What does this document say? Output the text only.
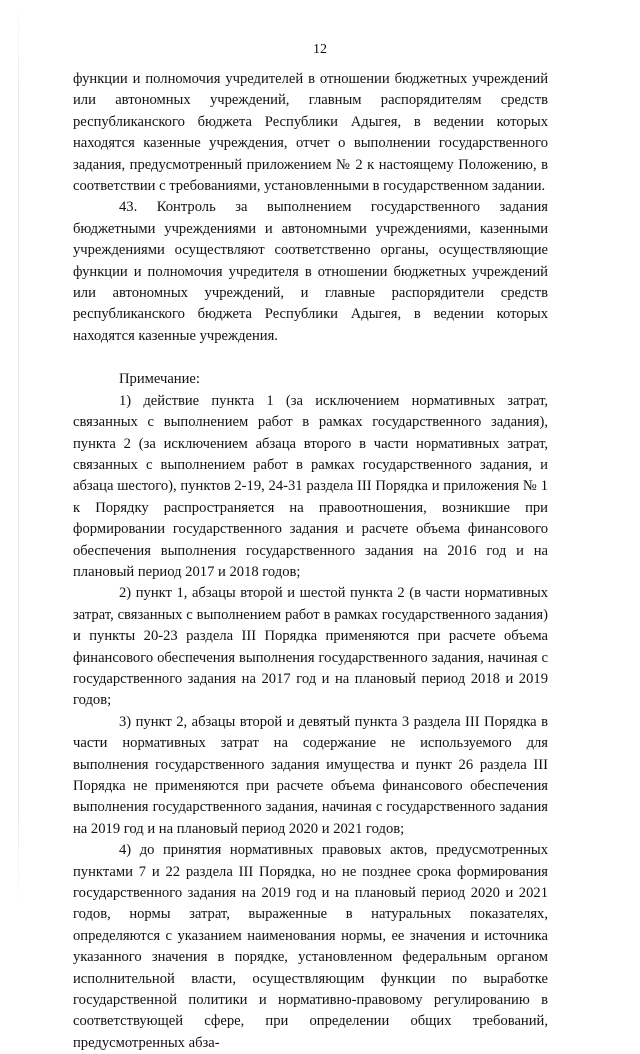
12

функции и полномочия учредителей в отношении бюджетных учреждений или автономных учреждений, главным распорядителям средств республиканского бюджета Республики Адыгея, в ведении которых находятся казенные учреждения, отчет о выполнении государственного задания, предусмотренный приложением № 2 к настоящему Положению, в соответствии с требованиями, установленными в государственном задании.

43. Контроль за выполнением государственного задания бюджетными учреждениями и автономными учреждениями, казенными учреждениями осуществляют соответственно органы, осуществляющие функции и полномочия учредителя в отношении бюджетных учреждений или автономных учреждений, и главные распорядители средств республиканского бюджета Республики Адыгея, в ведении которых находятся казенные учреждения.

Примечание:

1) действие пункта 1 (за исключением нормативных затрат, связанных с выполнением работ в рамках государственного задания), пункта 2 (за исключением абзаца второго в части нормативных затрат, связанных с выполнением работ в рамках государственного задания, и абзаца шестого), пунктов 2-19, 24-31 раздела III Порядка и приложения № 1 к Порядку распространяется на правоотношения, возникшие при формировании государственного задания и расчете объема финансового обеспечения выполнения государственного задания на 2016 год и на плановый период 2017 и 2018 годов;

2) пункт 1, абзацы второй и шестой пункта 2 (в части нормативных затрат, связанных с выполнением работ в рамках государственного задания) и пункты 20-23 раздела III Порядка применяются при расчете объема финансового обеспечения выполнения государственного задания, начиная с государственного задания на 2017 год и на плановый период 2018 и 2019 годов;

3) пункт 2, абзацы второй и девятый пункта 3 раздела III Порядка в части нормативных затрат на содержание не используемого для выполнения государственного задания имущества и пункт 26 раздела III Порядка не применяются при расчете объема финансового обеспечения выполнения государственного задания, начиная с государственного задания на 2019 год и на плановый период 2020 и 2021 годов;

4) до принятия нормативных правовых актов, предусмотренных пунктами 7 и 22 раздела III Порядка, но не позднее срока формирования государственного задания на 2019 год и на плановый период 2020 и 2021 годов, нормы затрат, выраженные в натуральных показателях, определяются с указанием наименования нормы, ее значения и источника указанного значения в порядке, установленном федеральным органом исполнительной власти, осуществляющим функции по выработке государственной политики и нормативно-правовому регулированию в соответствующей сфере, при определении общих требований, предусмотренных абза-
